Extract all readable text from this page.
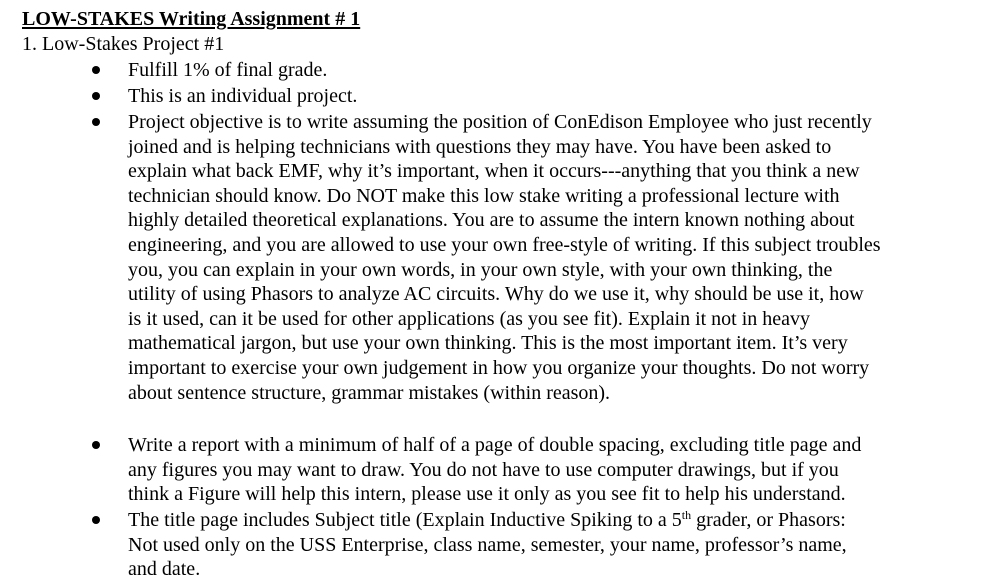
LOW-STAKES Writing Assignment # 1
1. Low-Stakes Project #1
Fulfill 1% of final grade.
This is an individual project.
Project objective is to write assuming the position of ConEdison Employee who just recently
joined and is helping technicians with questions they may have. You have been asked to
explain what back EMF, why it’s important, when it occurs---anything that you think a new
technician should know. Do NOT make this low stake writing a professional lecture with
highly detailed theoretical explanations. You are to assume the intern known nothing about
engineering, and you are allowed to use your own free-style of writing. If this subject troubles
you, you can explain in your own words, in your own style, with your own thinking, the
utility of using Phasors to analyze AC circuits. Why do we use it, why should be use it, how
is it used, can it be used for other applications (as you see fit). Explain it not in heavy
mathematical jargon, but use your own thinking. This is the most important item. It’s very
important to exercise your own judgement in how you organize your thoughts. Do not worry
about sentence structure, grammar mistakes (within reason).
Write a report with a minimum of half of a page of double spacing, excluding title page and
any figures you may want to draw. You do not have to use computer drawings, but if you
think a Figure will help this intern, please use it only as you see fit to help his understand.
The title page includes Subject title (Explain Inductive Spiking to a 5th grader, or Phasors:
Not used only on the USS Enterprise, class name, semester, your name, professor’s name,
and date.
